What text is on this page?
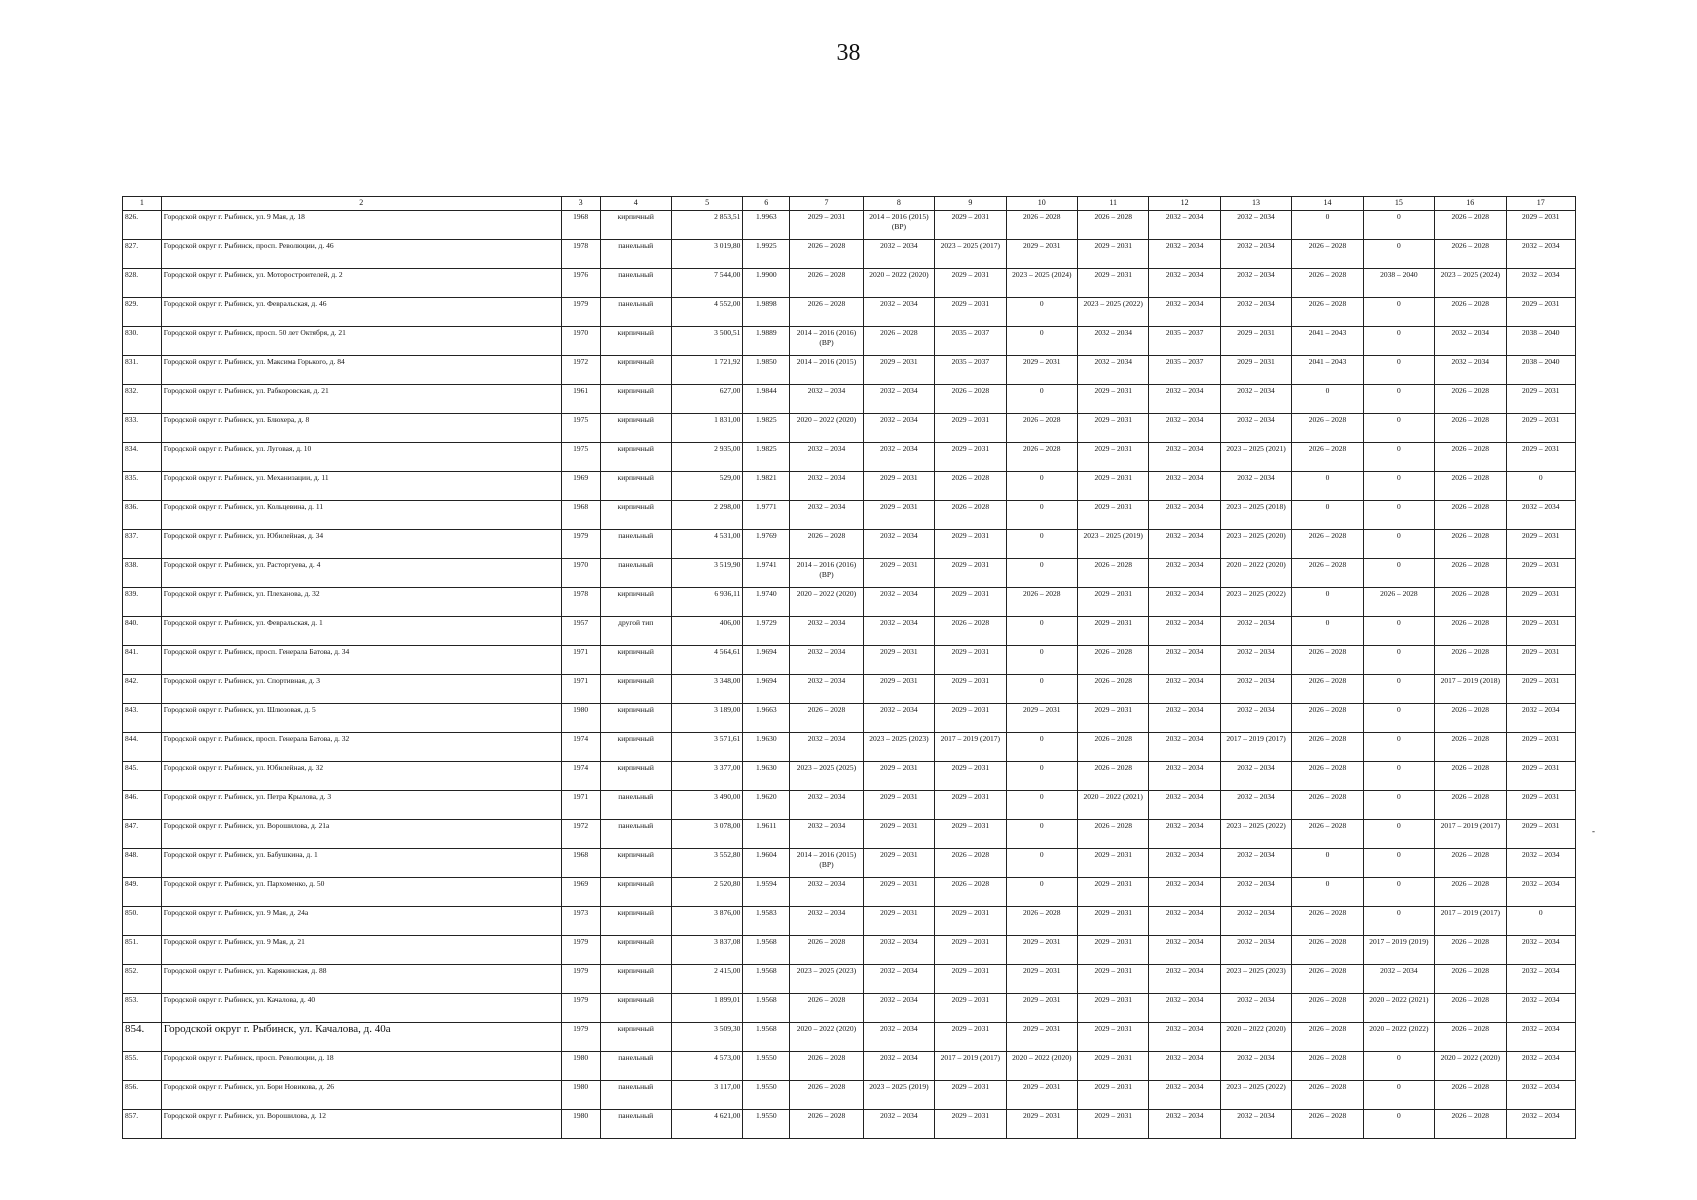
38
1	2	3	4	5	6	7	8	9	10	11	12	13	14	15	16	17
826.	Городской округ г. Рыбинск, ул. 9 Мая, д. 18	1968	кирпичный	2 853,51	1.9963	2029 – 2031	2014 – 2016 (2015) (ВР)	2029 – 2031	2026 – 2028	2026 – 2028	2032 – 2034	2032 – 2034	0	0	2026 – 2028	2029 – 2031
827.	Городской округ г. Рыбинск, просп. Революции, д. 46	1978	панельный	3 019,80	1.9925	2026 – 2028	2032 – 2034	2023 – 2025 (2017)	2029 – 2031	2029 – 2031	2032 – 2034	2032 – 2034	2026 – 2028	0	2026 – 2028	2032 – 2034
828.	Городской округ г. Рыбинск, ул. Моторостроителей, д. 2	1976	панельный	7 544,00	1.9900	2026 – 2028	2020 – 2022 (2020)	2029 – 2031	2023 – 2025 (2024)	2029 – 2031	2032 – 2034	2032 – 2034	2026 – 2028	2038 – 2040	2023 – 2025 (2024)	2032 – 2034
829.	Городской округ г. Рыбинск, ул. Февральская, д. 46	1979	панельный	4 552,00	1.9898	2026 – 2028	2032 – 2034	2029 – 2031	0	2023 – 2025 (2022)	2032 – 2034	2032 – 2034	2026 – 2028	0	2026 – 2028	2029 – 2031
830.	Городской округ г. Рыбинск, просп. 50 лет Октября, д. 21	1970	кирпичный	3 500,51	1.9889	2014 – 2016 (2016) (ВР)	2026 – 2028	2035 – 2037	0	2032 – 2034	2035 – 2037	2029 – 2031	2041 – 2043	0	2032 – 2034	2038 – 2040
831.	Городской округ г. Рыбинск, ул. Максима Горького, д. 84	1972	кирпичный	1 721,92	1.9850	2014 – 2016 (2015)	2029 – 2031	2035 – 2037	2029 – 2031	2032 – 2034	2035 – 2037	2029 – 2031	2041 – 2043	0	2032 – 2034	2038 – 2040
832.	Городской округ г. Рыбинск, ул. Рабкоровская, д. 21	1961	кирпичный	627,00	1.9844	2032 – 2034	2032 – 2034	2026 – 2028	0	2029 – 2031	2032 – 2034	2032 – 2034	0	0	2026 – 2028	2029 – 2031
833.	Городской округ г. Рыбинск, ул. Блюхера, д. 8	1975	кирпичный	1 831,00	1.9825	2020 – 2022 (2020)	2032 – 2034	2029 – 2031	2026 – 2028	2029 – 2031	2032 – 2034	2032 – 2034	2026 – 2028	0	2026 – 2028	2029 – 2031
834.	Городской округ г. Рыбинск, ул. Луговая, д. 10	1975	кирпичный	2 935,00	1.9825	2032 – 2034	2032 – 2034	2029 – 2031	2026 – 2028	2029 – 2031	2032 – 2034	2023 – 2025 (2021)	2026 – 2028	0	2026 – 2028	2029 – 2031
835.	Городской округ г. Рыбинск, ул. Механизации, д. 11	1969	кирпичный	529,00	1.9821	2032 – 2034	2029 – 2031	2026 – 2028	0	2029 – 2031	2032 – 2034	2032 – 2034	0	0	2026 – 2028	0
836.	Городской округ г. Рыбинск, ул. Кольцевина, д. 11	1968	кирпичный	2 298,00	1.9771	2032 – 2034	2029 – 2031	2026 – 2028	0	2029 – 2031	2032 – 2034	2023 – 2025 (2018)	0	0	2026 – 2028	2032 – 2034
837.	Городской округ г. Рыбинск, ул. Юбилейная, д. 34	1979	панельный	4 531,00	1.9769	2026 – 2028	2032 – 2034	2029 – 2031	0	2023 – 2025 (2019)	2032 – 2034	2023 – 2025 (2020)	2026 – 2028	0	2026 – 2028	2029 – 2031
838.	Городской округ г. Рыбинск, ул. Расторгуева, д. 4	1970	панельный	3 519,90	1.9741	2014 – 2016 (2016) (ВР)	2029 – 2031	2029 – 2031	0	2026 – 2028	2032 – 2034	2020 – 2022 (2020)	2026 – 2028	0	2026 – 2028	2029 – 2031
839.	Городской округ г. Рыбинск, ул. Плеханова, д. 32	1978	кирпичный	6 936,11	1.9740	2020 – 2022 (2020)	2032 – 2034	2029 – 2031	2026 – 2028	2029 – 2031	2032 – 2034	2023 – 2025 (2022)	0	2026 – 2028	2026 – 2028	2029 – 2031
840.	Городской округ г. Рыбинск, ул. Февральская, д. 1	1957	другой тип	406,00	1.9729	2032 – 2034	2032 – 2034	2026 – 2028	0	2029 – 2031	2032 – 2034	2032 – 2034	0	0	2026 – 2028	2029 – 2031
841.	Городской округ г. Рыбинск, просп. Генерала Батова, д. 34	1971	кирпичный	4 564,61	1.9694	2032 – 2034	2029 – 2031	2029 – 2031	0	2026 – 2028	2032 – 2034	2032 – 2034	2026 – 2028	0	2026 – 2028	2029 – 2031
842.	Городской округ г. Рыбинск, ул. Спортивная, д. 3	1971	кирпичный	3 348,00	1.9694	2032 – 2034	2029 – 2031	2029 – 2031	0	2026 – 2028	2032 – 2034	2032 – 2034	2026 – 2028	0	2017 – 2019 (2018)	2029 – 2031
843.	Городской округ г. Рыбинск, ул. Шлюзовая, д. 5	1980	кирпичный	3 189,00	1.9663	2026 – 2028	2032 – 2034	2029 – 2031	2029 – 2031	2029 – 2031	2032 – 2034	2032 – 2034	2026 – 2028	0	2026 – 2028	2032 – 2034
844.	Городской округ г. Рыбинск, просп. Генерала Батова, д. 32	1974	кирпичный	3 571,61	1.9630	2032 – 2034	2023 – 2025 (2023)	2017 – 2019 (2017)	0	2026 – 2028	2032 – 2034	2017 – 2019 (2017)	2026 – 2028	0	2026 – 2028	2029 – 2031
845.	Городской округ г. Рыбинск, ул. Юбилейная, д. 32	1974	кирпичный	3 377,00	1.9630	2023 – 2025 (2025)	2029 – 2031	2029 – 2031	0	2026 – 2028	2032 – 2034	2032 – 2034	2026 – 2028	0	2026 – 2028	2029 – 2031
846.	Городской округ г. Рыбинск, ул. Петра Крылова, д. 3	1971	панельный	3 490,00	1.9620	2032 – 2034	2029 – 2031	2029 – 2031	0	2020 – 2022 (2021)	2032 – 2034	2032 – 2034	2026 – 2028	0	2026 – 2028	2029 – 2031
847.	Городской округ г. Рыбинск, ул. Ворошилова, д. 21а	1972	панельный	3 078,00	1.9611	2032 – 2034	2029 – 2031	2029 – 2031	0	2026 – 2028	2032 – 2034	2023 – 2025 (2022)	2026 – 2028	0	2017 – 2019 (2017)	2029 – 2031
848.	Городской округ г. Рыбинск, ул. Бабушкина, д. 1	1968	кирпичный	3 552,80	1.9604	2014 – 2016 (2015) (ВР)	2029 – 2031	2026 – 2028	0	2029 – 2031	2032 – 2034	2032 – 2034	0	0	2026 – 2028	2032 – 2034
849.	Городской округ г. Рыбинск, ул. Пархоменко, д. 50	1969	кирпичный	2 520,80	1.9594	2032 – 2034	2029 – 2031	2026 – 2028	0	2029 – 2031	2032 – 2034	2032 – 2034	0	0	2026 – 2028	2032 – 2034
850.	Городской округ г. Рыбинск, ул. 9 Мая, д. 24а	1973	кирпичный	3 876,00	1.9583	2032 – 2034	2029 – 2031	2029 – 2031	2026 – 2028	2029 – 2031	2032 – 2034	2032 – 2034	2026 – 2028	0	2017 – 2019 (2017)	0
851.	Городской округ г. Рыбинск, ул. 9 Мая, д. 21	1979	кирпичный	3 837,08	1.9568	2026 – 2028	2032 – 2034	2029 – 2031	2029 – 2031	2029 – 2031	2032 – 2034	2032 – 2034	2026 – 2028	2017 – 2019 (2019)	2026 – 2028	2032 – 2034
852.	Городской округ г. Рыбинск, ул. Карякинская, д. 88	1979	кирпичный	2 415,00	1.9568	2023 – 2025 (2023)	2032 – 2034	2029 – 2031	2029 – 2031	2029 – 2031	2032 – 2034	2023 – 2025 (2023)	2026 – 2028	2032 – 2034	2026 – 2028	2032 – 2034
853.	Городской округ г. Рыбинск, ул. Качалова, д. 40	1979	кирпичный	1 899,01	1.9568	2026 – 2028	2032 – 2034	2029 – 2031	2029 – 2031	2029 – 2031	2032 – 2034	2032 – 2034	2026 – 2028	2020 – 2022 (2021)	2026 – 2028	2032 – 2034
854.	Городской округ г. Рыбинск, ул. Качалова, д. 40а	1979	кирпичный	3 509,30	1.9568	2020 – 2022 (2020)	2032 – 2034	2029 – 2031	2029 – 2031	2029 – 2031	2032 – 2034	2020 – 2022 (2020)	2026 – 2028	2020 – 2022 (2022)	2026 – 2028	2032 – 2034
855.	Городской округ г. Рыбинск, просп. Революции, д. 18	1980	панельный	4 573,00	1.9550	2026 – 2028	2032 – 2034	2017 – 2019 (2017)	2020 – 2022 (2020)	2029 – 2031	2032 – 2034	2032 – 2034	2026 – 2028	0	2020 – 2022 (2020)	2032 – 2034
856.	Городской округ г. Рыбинск, ул. Бори Новикова, д. 26	1980	панельный	3 117,00	1.9550	2026 – 2028	2023 – 2025 (2019)	2029 – 2031	2029 – 2031	2029 – 2031	2032 – 2034	2023 – 2025 (2022)	2026 – 2028	0	2026 – 2028	2032 – 2034
857.	Городской округ г. Рыбинск, ул. Ворошилова, д. 12	1980	панельный	4 621,00	1.9550	2026 – 2028	2032 – 2034	2029 – 2031	2029 – 2031	2029 – 2031	2032 – 2034	2032 – 2034	2026 – 2028	0	2026 – 2028	2032 – 2034
-
